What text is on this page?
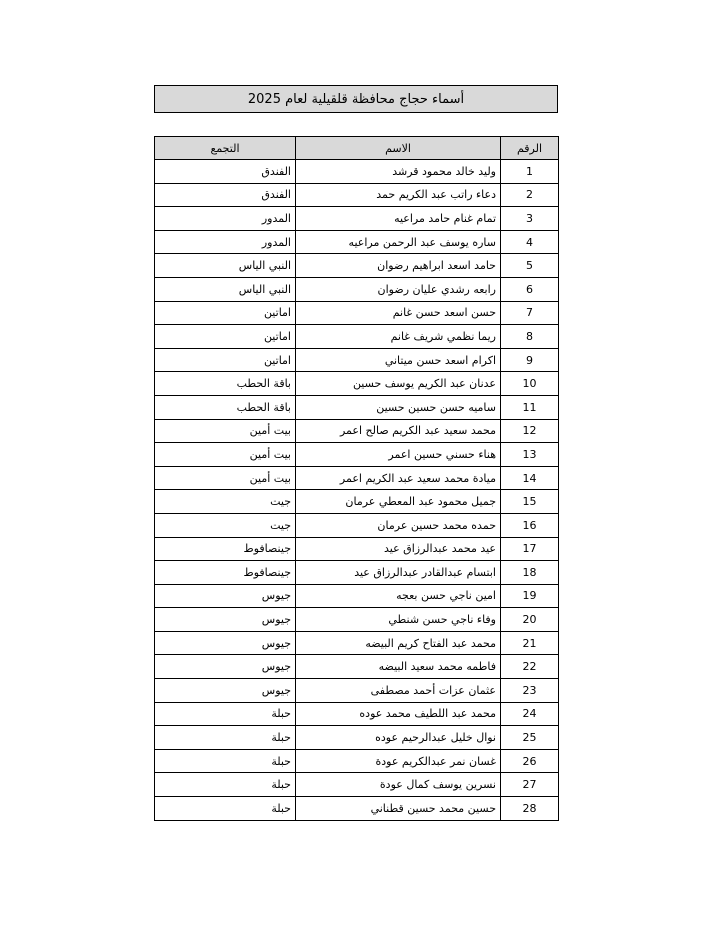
أسماء حجاج محافظة قلقيلية لعام 2025
الرقم	الاسم	التجمع
1	وليد خالد محمود قرشد	الفندق
2	دعاء راتب عبد الكريم حمد	الفندق
3	تمام غنام حامد مراعيه	المدور
4	ساره يوسف عبد الرحمن مراعيه	المدور
5	حامد اسعد ابراهيم رضوان	النبي الياس
6	رابعه رشدي عليان رضوان	النبي الياس
7	حسن اسعد حسن غانم	اماتين
8	ريما نظمي شريف غانم	اماتين
9	اكرام اسعد حسن ميتاني	اماتين
10	عدنان عبد الكريم يوسف حسين	باقة الحطب
11	ساميه حسن حسين حسين	باقة الحطب
12	محمد سعيد عبد الكريم صالح اعمر	بيت أمين
13	هناء حسني حسين اعمر	بيت أمين
14	ميادة محمد سعيد عبد الكريم اعمر	بيت أمين
15	جميل محمود عبد المعطي عرمان	جيت
16	حمده محمد حسين عرمان	جيت
17	عيد محمد عبدالرزاق عيد	جينصافوط
18	ابتسام عبدالقادر عبدالرزاق عيد	جينصافوط
19	امين ناجي حسن بعجه	جيوس
20	وفاء ناجي حسن شنطي	جيوس
21	محمد عبد الفتاح كريم البيضه	جيوس
22	فاطمه محمد سعيد البيضه	جيوس
23	عثمان عزات أحمد مصطفى	جيوس
24	محمد عبد اللطيف محمد عوده	حبلة
25	نوال خليل عبدالرحيم عوده	حبلة
26	غسان نمر عبدالكريم عودة	حبلة
27	نسرين يوسف كمال عودة	حبلة
28	حسين محمد حسين قطناني	حبلة
